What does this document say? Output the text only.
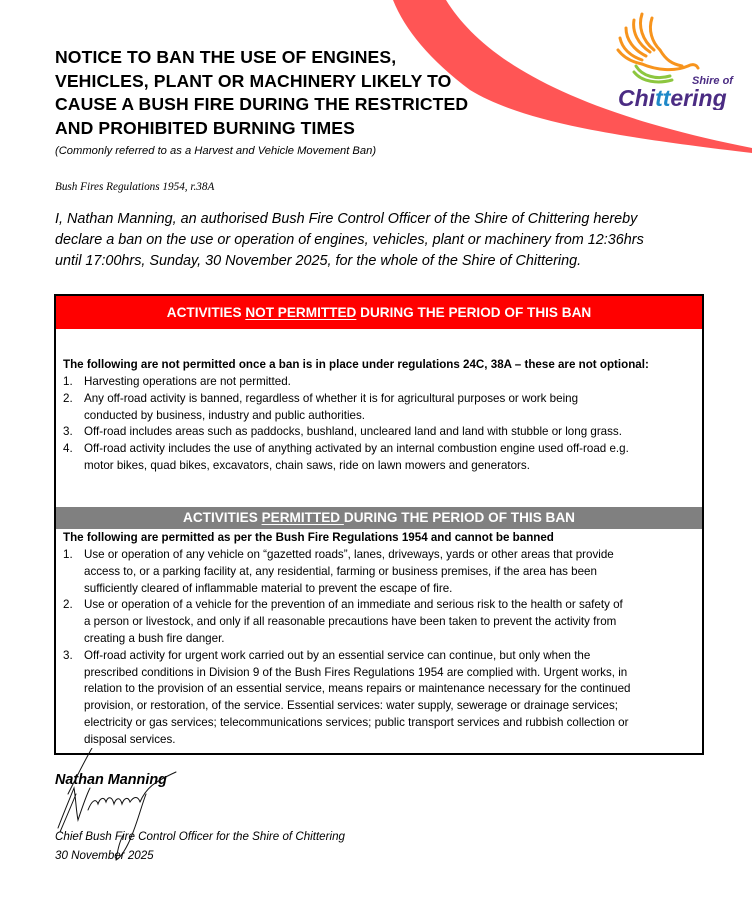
Shire of
Chittering
NOTICE TO BAN THE USE OF ENGINES,
VEHICLES, PLANT OR MACHINERY LIKELY TO
CAUSE A BUSH FIRE DURING THE RESTRICTED
AND PROHIBITED BURNING TIMES
(Commonly referred to as a Harvest and Vehicle Movement Ban)
Bush Fires Regulations 1954, r.38A
I, Nathan Manning, an authorised Bush Fire Control Officer of the Shire of Chittering hereby
declare a ban on the use or operation of engines, vehicles, plant or machinery from 12:36hrs
until 17:00hrs, Sunday, 30 November 2025, for the whole of the Shire of Chittering.
ACTIVITIES NOT PERMITTED DURING THE PERIOD OF THIS BAN
The following are not permitted once a ban is in place under regulations 24C, 38A – these are not optional:
1. Harvesting operations are not permitted.
2. Any off-road activity is banned, regardless of whether it is for agricultural purposes or work being
conducted by business, industry and public authorities.
3. Off-road includes areas such as paddocks, bushland, uncleared land and land with stubble or long grass.
4. Off-road activity includes the use of anything activated by an internal combustion engine used off-road e.g.
motor bikes, quad bikes, excavators, chain saws, ride on lawn mowers and generators.
ACTIVITIES PERMITTED DURING THE PERIOD OF THIS BAN
The following are permitted as per the Bush Fire Regulations 1954 and cannot be banned
1. Use or operation of any vehicle on “gazetted roads”, lanes, driveways, yards or other areas that provide
access to, or a parking facility at, any residential, farming or business premises, if the area has been
sufficiently cleared of inflammable material to prevent the escape of fire.
2. Use or operation of a vehicle for the prevention of an immediate and serious risk to the health or safety of
a person or livestock, and only if all reasonable precautions have been taken to prevent the activity from
creating a bush fire danger.
3. Off-road activity for urgent work carried out by an essential service can continue, but only when the
prescribed conditions in Division 9 of the Bush Fires Regulations 1954 are complied with. Urgent works, in
relation to the provision of an essential service, means repairs or maintenance necessary for the continued
provision, or restoration, of the service. Essential services: water supply, sewerage or drainage services;
electricity or gas services; telecommunications services; public transport services and rubbish collection or
disposal services.
Nathan Manning
Chief Bush Fire Control Officer for the Shire of Chittering
30 November 2025
